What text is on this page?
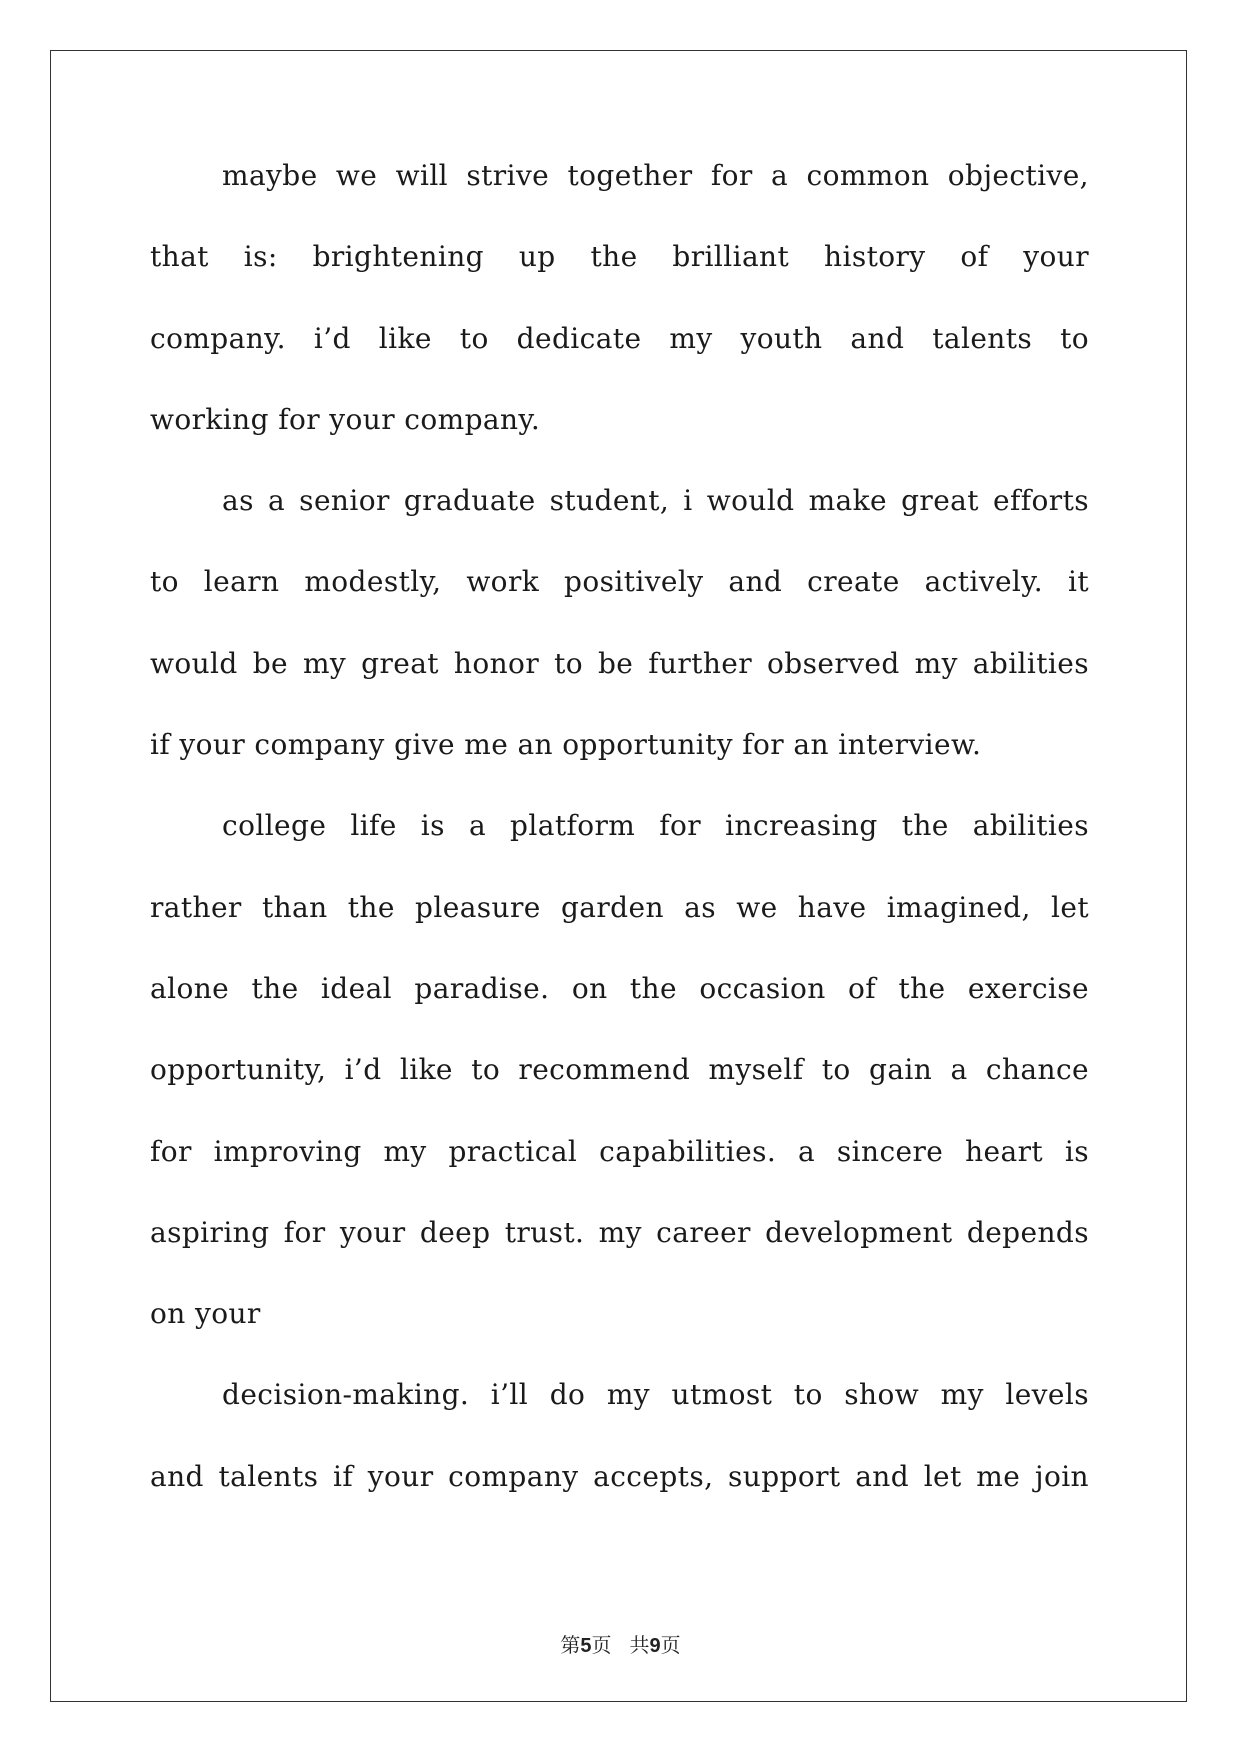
maybe we will strive together for a common objective,
that is: brightening up the brilliant history of your
company. i’d like to dedicate my youth and talents to
working for your company.
as a senior graduate student, i would make great efforts
to learn modestly, work positively and create actively. it
would be my great honor to be further observed my abilities
if your company give me an opportunity for an interview.
college life is a platform for increasing the abilities
rather than the pleasure garden as we have imagined, let
alone the ideal paradise. on the occasion of the exercise
opportunity, i’d like to recommend myself to gain a chance
for improving my practical capabilities. a sincere heart is
aspiring for your deep trust. my career development depends
on your
decision-making. i’ll do my utmost to show my levels
and talents if your company accepts, support and let me join
第5页 共9页
